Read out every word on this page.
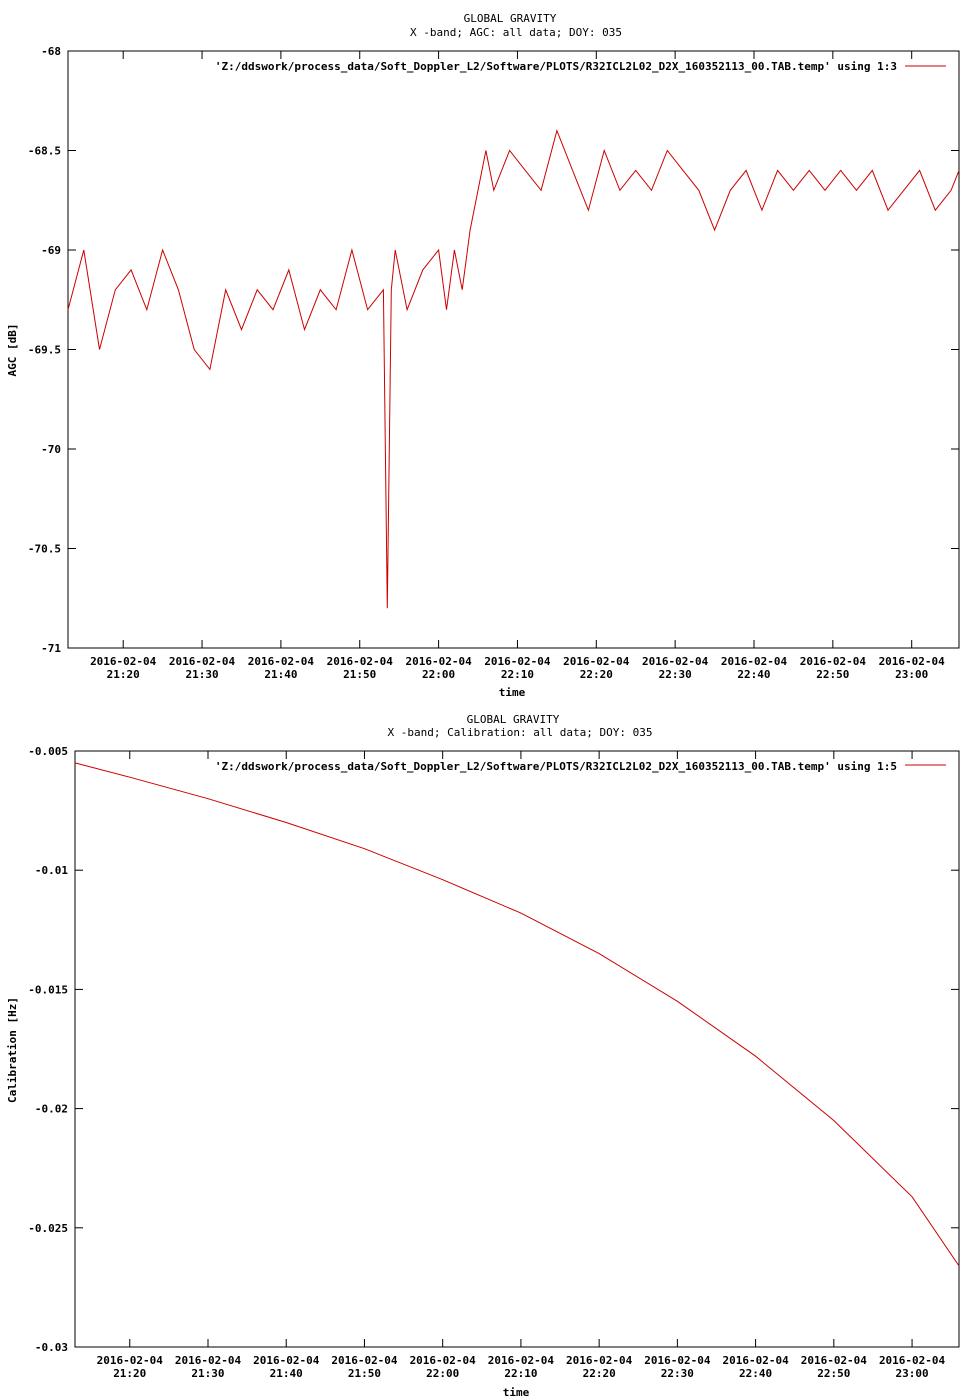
GLOBAL GRAVITY
X -band; AGC: all data; DOY: 035
-68
-68.5
-69
-69.5
-70
-70.5
-71
2016-02-04
21:20
2016-02-04
21:30
2016-02-04
21:40
2016-02-04
21:50
2016-02-04
22:00
2016-02-04
22:10
2016-02-04
22:20
2016-02-04
22:30
2016-02-04
22:40
2016-02-04
22:50
2016-02-04
23:00
time
AGC [dB]
'Z:/ddswork/process_data/Soft_Doppler_L2/Software/PLOTS/R32ICL2L02_D2X_160352113_00.TAB.temp' using 1:3
GLOBAL GRAVITY
X -band; Calibration: all data; DOY: 035
-0.005
-0.01
-0.015
-0.02
-0.025
-0.03
2016-02-04
21:20
2016-02-04
21:30
2016-02-04
21:40
2016-02-04
21:50
2016-02-04
22:00
2016-02-04
22:10
2016-02-04
22:20
2016-02-04
22:30
2016-02-04
22:40
2016-02-04
22:50
2016-02-04
23:00
time
Calibration [Hz]
'Z:/ddswork/process_data/Soft_Doppler_L2/Software/PLOTS/R32ICL2L02_D2X_160352113_00.TAB.temp' using 1:5
